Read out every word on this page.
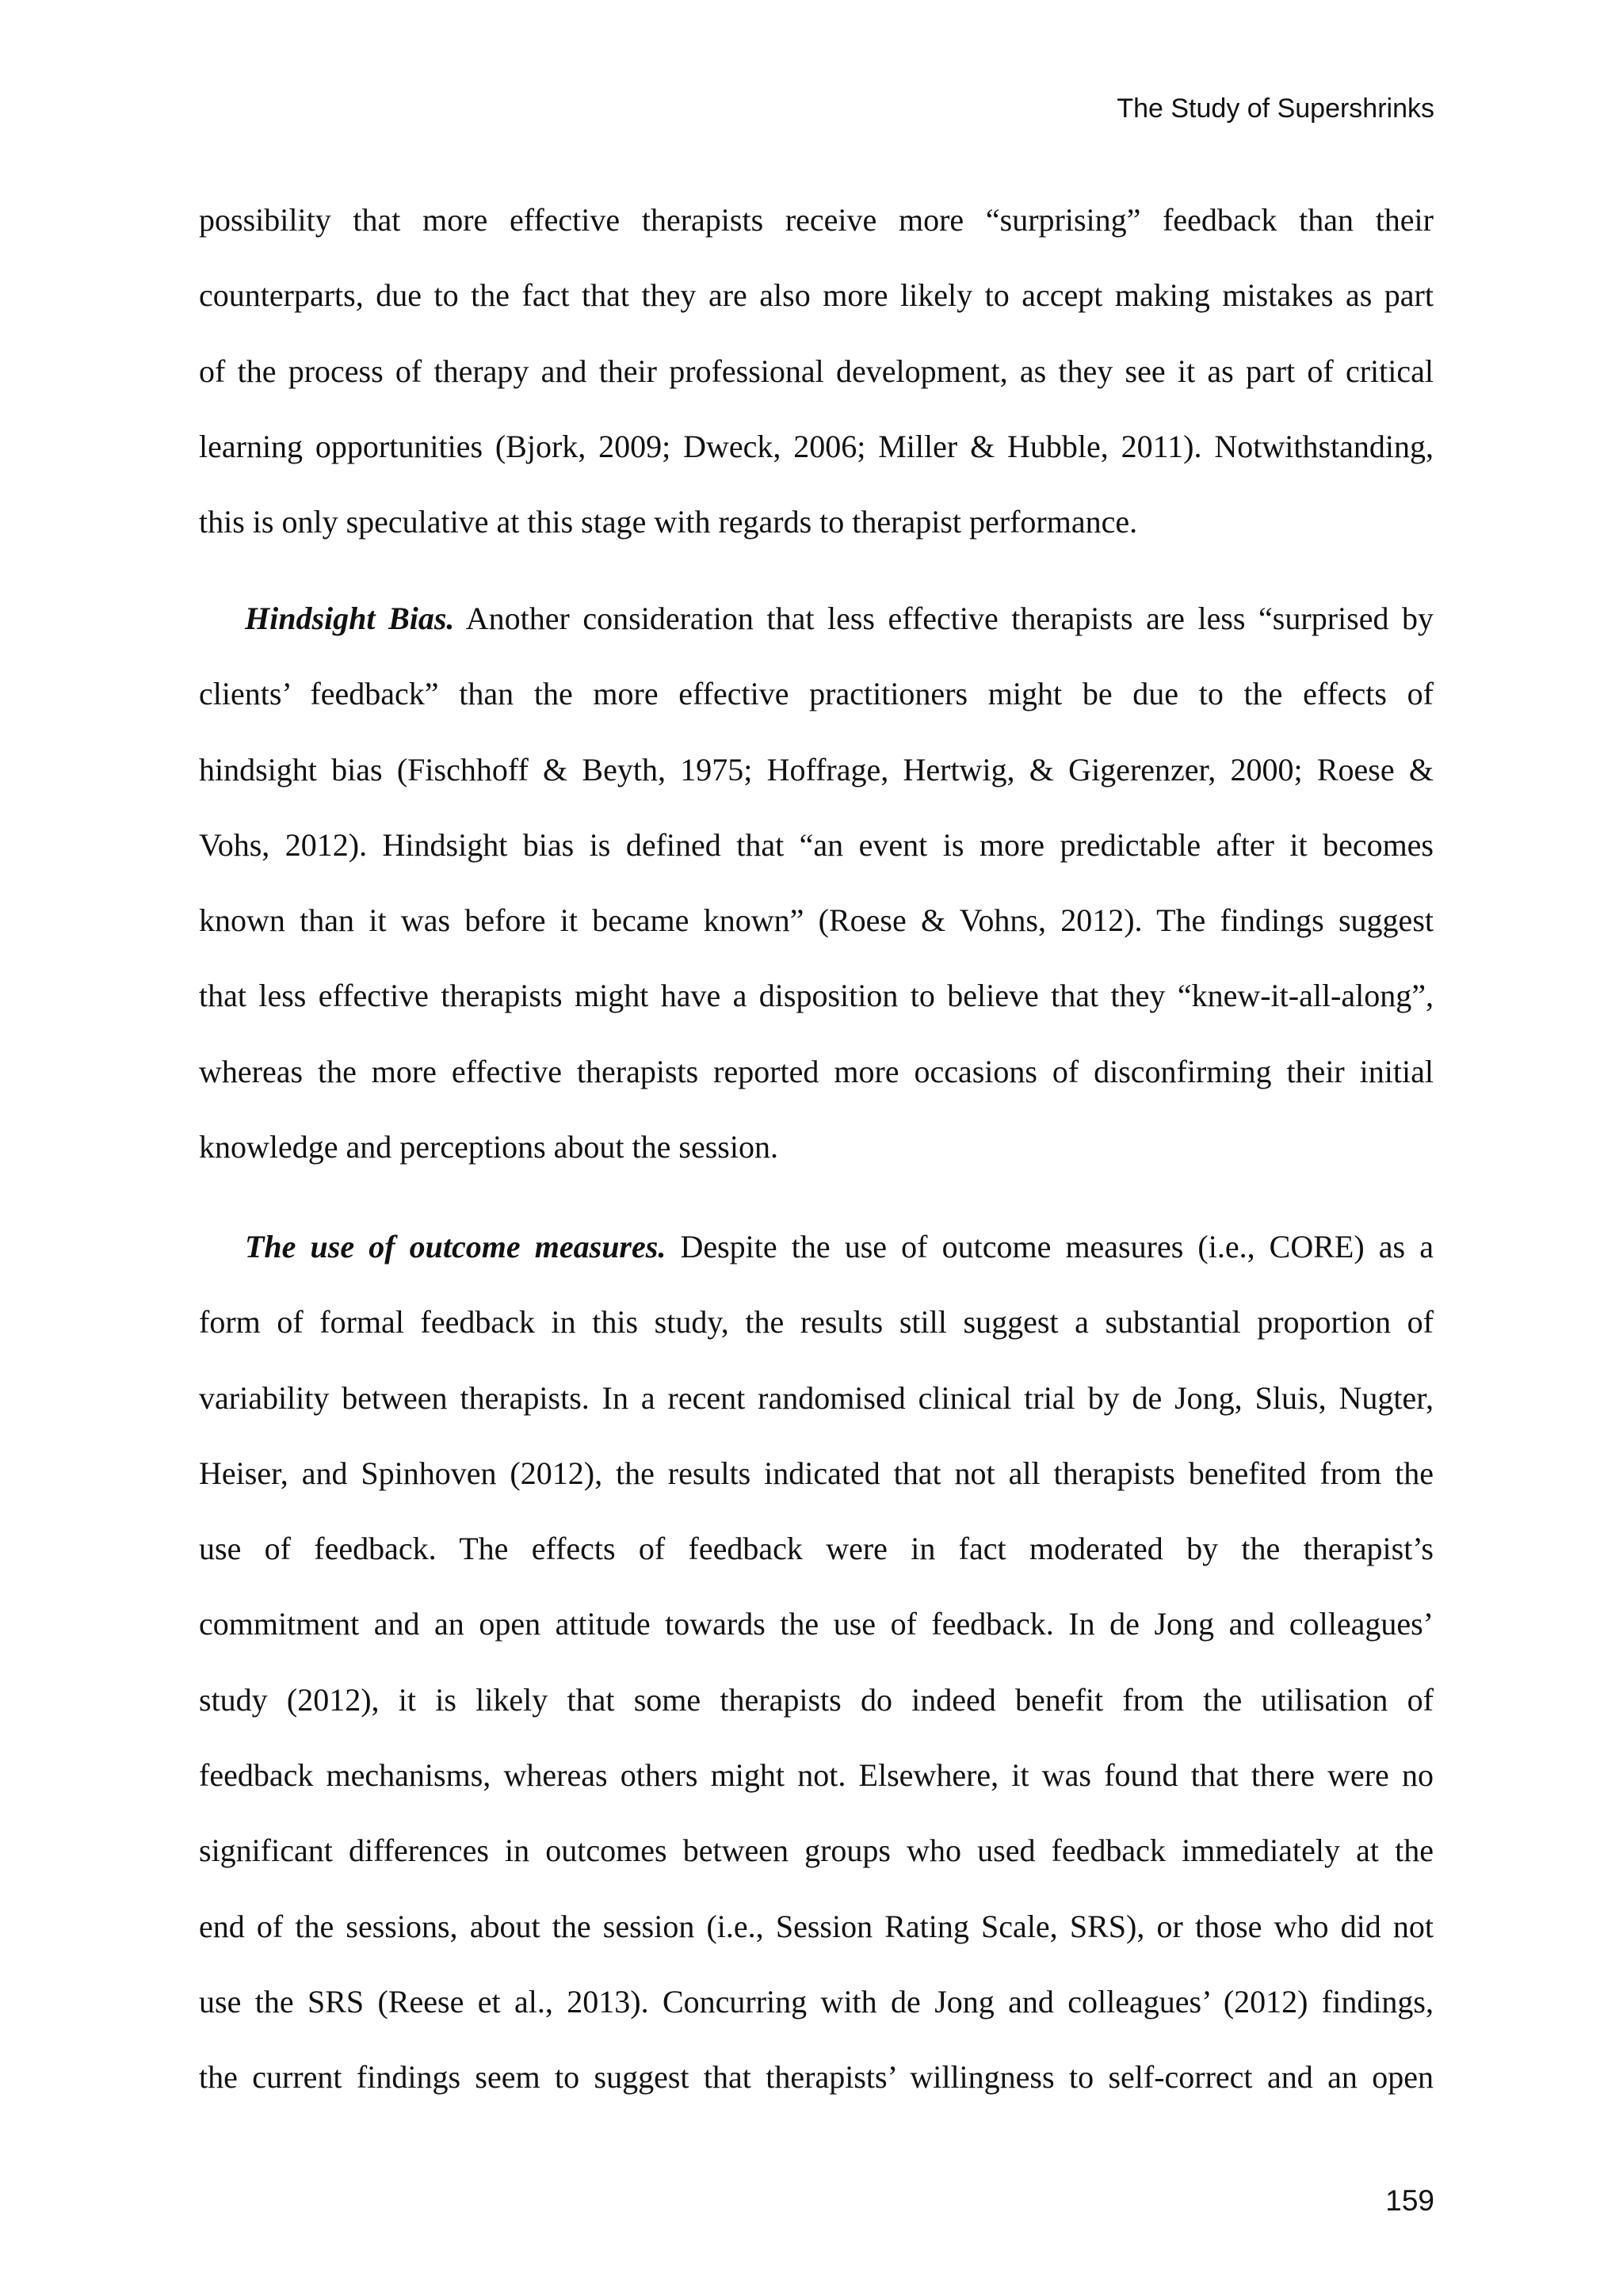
The Study of Supershrinks
possibility that more effective therapists receive more “surprising” feedback than their
counterparts, due to the fact that they are also more likely to accept making mistakes as part
of the process of therapy and their professional development, as they see it as part of critical
learning opportunities (Bjork, 2009; Dweck, 2006; Miller & Hubble, 2011). Notwithstanding,
this is only speculative at this stage with regards to therapist performance.
Hindsight Bias. Another consideration that less effective therapists are less “surprised by
clients’ feedback” than the more effective practitioners might be due to the effects of
hindsight bias (Fischhoff & Beyth, 1975; Hoffrage, Hertwig, & Gigerenzer, 2000; Roese &
Vohs, 2012). Hindsight bias is defined that “an event is more predictable after it becomes
known than it was before it became known” (Roese & Vohns, 2012). The findings suggest
that less effective therapists might have a disposition to believe that they “knew-it-all-along”,
whereas the more effective therapists reported more occasions of disconfirming their initial
knowledge and perceptions about the session.
The use of outcome measures. Despite the use of outcome measures (i.e., CORE) as a
form of formal feedback in this study, the results still suggest a substantial proportion of
variability between therapists. In a recent randomised clinical trial by de Jong, Sluis, Nugter,
Heiser, and Spinhoven (2012), the results indicated that not all therapists benefited from the
use of feedback. The effects of feedback were in fact moderated by the therapist’s
commitment and an open attitude towards the use of feedback. In de Jong and colleagues’
study (2012), it is likely that some therapists do indeed benefit from the utilisation of
feedback mechanisms, whereas others might not. Elsewhere, it was found that there were no
significant differences in outcomes between groups who used feedback immediately at the
end of the sessions, about the session (i.e., Session Rating Scale, SRS), or those who did not
use the SRS (Reese et al., 2013). Concurring with de Jong and colleagues’ (2012) findings,
the current findings seem to suggest that therapists’ willingness to self-correct and an open
159
